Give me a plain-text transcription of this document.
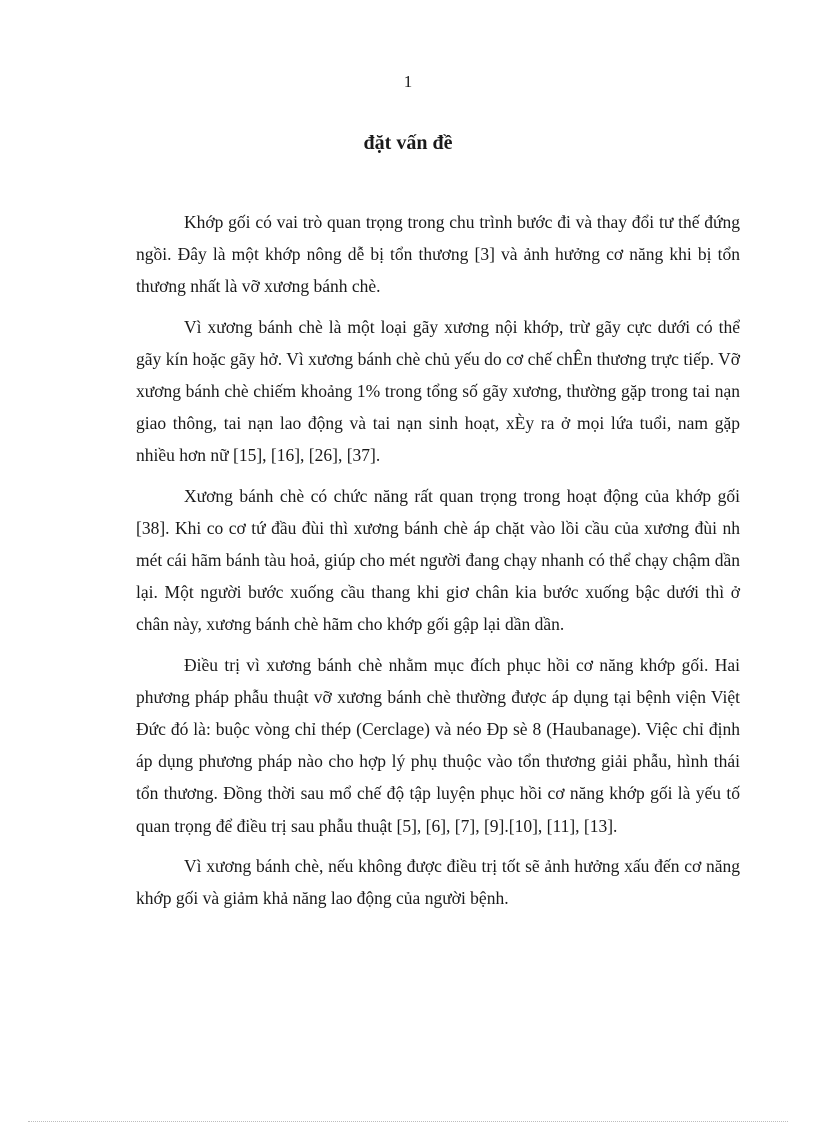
1
đặt vấn đề

Khớp gối có vai trò quan trọng trong chu trình bước đi và thay đổi tư thế đứng ngồi. Đây là một khớp nông dễ bị tổn thương [3] và ảnh hưởng cơ năng khi bị tổn thương nhất là vỡ xương bánh chè.

Vì xương bánh chè là một loại gãy xương nội khớp, trừ gãy cực dưới có thể gãy kín hoặc gãy hở. Vì xương bánh chè chủ yếu do cơ chế chÊn thương trực tiếp. Vỡ xương bánh chè chiếm khoảng 1% trong tổng số gãy xương, thường gặp trong tai nạn giao thông, tai nạn lao động và tai nạn sinh hoạt, xÈy ra ở mọi lứa tuổi, nam gặp nhiều hơn nữ [15], [16], [26], [37].

Xương bánh chè có chức năng rất quan trọng trong hoạt động của khớp gối [38]. Khi co cơ tứ đầu đùi thì xương bánh chè áp chặt vào lồi cầu của xương đùi nh mét cái hãm bánh tàu hoả, giúp cho mét người đang chạy nhanh có thể chạy chậm dần lại. Một người bước xuống cầu thang khi giơ chân kia bước xuống bậc dưới thì ở chân này, xương bánh chè hãm cho khớp gối gập lại dần dần.

Điều trị vì xương bánh chè nhằm mục đích phục hồi cơ năng khớp gối. Hai phương pháp phẫu thuật vỡ xương bánh chè thường được áp dụng tại bệnh viện Việt Đức đó là: buộc vòng chỉ thép (Cerclage) và néo Ðp sè 8 (Haubanage). Việc chỉ định áp dụng phương pháp nào cho hợp lý phụ thuộc vào tổn thương giải phẫu, hình thái tổn thương. Đồng thời sau mổ chế độ tập luyện phục hồi cơ năng khớp gối là yếu tố quan trọng để điều trị sau phẫu thuật [5], [6], [7], [9].[10], [11], [13].

Vì xương bánh chè, nếu không được điều trị tốt sẽ ảnh hưởng xấu đến cơ năng khớp gối và giảm khả năng lao động của người bệnh.
